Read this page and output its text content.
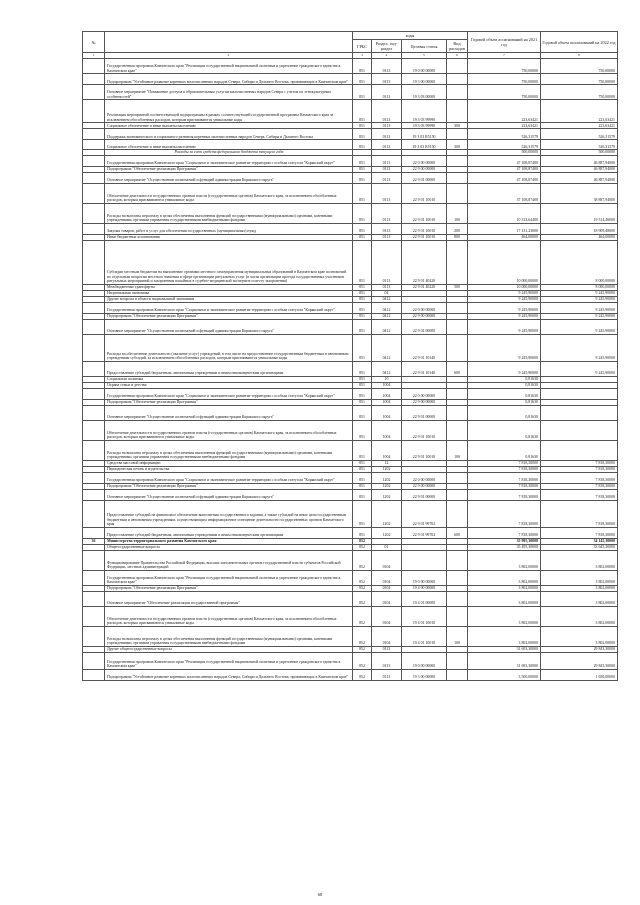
№		коды				Годовой объем ассигнований на 2021 год	Годовой объем ассигнований на 2022 год
		ГРБС	Раздел, под-раздел	Целевая статья	Вид расходов		
1	2	3	4	5	6	7	8
	Государственная программа Камчатского края "Реализация государственной национальной политики и укрепление гражданского единства в Камчатском крае"	851	0113	19 0 00 00000		750,00000	750,00000
	Подпрограмма "Устойчивое развитие коренных малочисленных народов Севера, Сибири и Дальнего Востока, проживающих в Камчатском крае"	851	0113	19 3 00 00000		750,00000	750,00000
	Основное мероприятие "Повышение доступа к образовательным услугам малочисленных народов Севера с учетом их этнокультурных особенностей"	851	0113	19 3 03 00000		750,00000	750,00000
	Реализация мероприятий соответствующей подпрограммы в рамках соответствующей государственной программы Камчатского края за исключением обособленных расходов, которым присваиваются уникальные коды	851	0113	19 3 03 99990		223,63421	223,63421
	Социальное обеспечение и иные выплаты населению	851	0113	19 3 03 99990	300	223,63421	223,63421
	Поддержка экономического и социального развития коренных малочисленных народов Севера, Сибири и Дальнего Востока	851	0113	19 3 03 R5150		526,31579	526,31579
	Социальное обеспечение и иные выплаты населению	851	0113	19 3 03 R5150	300	526,31579	526,31579
	Расходы за счет средств федерального бюджета текущего года					500,00000	500,00000
	Государственная программа Камчатского края "Социальное и экономическое развитие территории с особым статусом "Корякский округ"	851	0113	22 0 00 00000		47 108,87400	46 887,94000
	Подпрограмма "Обеспечение реализации Программы"	851	0113	22 9 00 00000		47 108,87400	46 887,94000
	Основное мероприятие "Осуществление полномочий и функций администрации Корякского округа"	851	0113	22 9 01 00000		47 108,87400	46 887,94000
	Обеспечение деятельности государственных органов власти (государственных органов) Камчатского края, за исключением обособленных расходов, которым присваиваются уникальные коды	851	0113	22 9 01 10010		37 108,87400	38 887,94000
	Расходы на выплаты персоналу в целях обеспечения выполнения функций государственными (муниципальными) органами, казенными учреждениями, органами управления государственными внебюджетными фондами	851	0113	22 9 01 10010	100	10 313,64400	19 514,46000
	Закупка товаров, работ и услуг для обеспечения государственных (муниципальных) нужд	851	0113	22 9 01 10010	200	17 131,23000	18 909,48000
	Иные бюджетные ассигнования	851	0113	22 9 01 10010	800	464,00000	464,00000
	Субсидии местным бюджетам на выполнение органами местного самоуправления муниципальных образований в Камчатском крае полномочий по отдельным вопросам местного значения в сфере организации ритуальных услуг (в части организации проезда государственных участников ритуальных мероприятий и захоронения покойных в судебно-медицинской экспертизе и месту захоронения)	851	0113	22 9 01 40220		10 000,00000	8 000,00000
	Межбюджетные трансферты	851	0113	22 9 01 40220	500	10 000,00000	8 000,00000
	Национальная экономика	851	04			9 245,90000	9 245,90000
	Другие вопросы в области национальной экономики	851	0412			9 245,90000	9 245,90000
	Государственная программа Камчатского края "Социальное и экономическое развитие территории с особым статусом "Корякский округ"	851	0412	22 0 00 00000		9 245,90000	9 245,90000
	Подпрограмма "Обеспечение реализации Программы"	851	0412	22 9 00 00000		9 245,90000	9 245,90000
	Основное мероприятие "Осуществление полномочий и функций администрации Корякского округа"	851	0412	22 9 01 00000		9 245,90000	9 245,90000
	Расходы на обеспечение деятельности (оказание услуг) учреждений, в том числе на предоставление государственным бюджетным и автономным учреждениям субсидий, за исключением обособленных расходов, которым присваиваются уникальные коды	851	0412	22 9 01 10140		9 245,90000	9 245,90000
	Предоставление субсидий бюджетным, автономным учреждениям и иным некоммерческим организациям	851	0412	22 9 01 10140	600	9 245,90000	9 245,90000
	Социальная политика	851	10			0,81630	
	Охрана семьи и детства	851	1004			0,81630	
	Государственная программа Камчатского края "Социальное и экономическое развитие территории с особым статусом "Корякский округ"	851	1004	22 0 00 00000		0,81630	
	Подпрограмма "Обеспечение реализации Программы"	851	1004	22 9 00 00000		0,81630	
	Основное мероприятие "Осуществление полномочий и функций администрации Корякского округа"	851	1004	22 9 01 00000		0,81630	
	Обеспечение деятельности государственных органов власти (государственных органов) Камчатского края, за исключением обособленных расходов, которым присваиваются уникальные коды	851	1004	22 9 01 10010		0,81630	
	Расходы на выплаты персоналу в целях обеспечения выполнения функций государственными (муниципальными) органами, казенными учреждениями, органами управления государственными внебюджетными фондами	851	1004	22 9 01 10010	100	0,81630	
	Средства массовой информации	851	12			7 818,30000	7 818,30000
	Периодическая печать и издательства	851	1202			7 818,30000	7 818,30000
	Государственная программа Камчатского края "Социальное и экономическое развитие территории с особым статусом "Корякский округ"	851	1202	22 0 00 00000		7 818,30000	7 818,30000
	Подпрограмма "Обеспечение реализации Программы"	851	1202	22 9 00 00000		7 818,30000	7 818,30000
	Основное мероприятие "Осуществление полномочий и функций администрации Корякского округа"	851	1202	22 9 01 00000		7 818,30000	7 818,30000
	Предоставление субсидий на финансовое обеспечение выполнения государственного задания, а также субсидий на иные цели государственным бюджетным и автономным учреждениям, осуществляющим информационное освещение деятельности государственных органов Камчатского края	851	1202	22 9 01 99702		7 818,30000	7 818,30000
	Предоставление субсидий бюджетным, автономным учреждениям и иным некоммерческим организациям	851	1202	22 9 01 99702	600	7 818,30000	7 818,30000
36	Министерство территориального развития Камчатского края	852				35 995,30000	34 145,30000
	Общегосударственные вопросы	852	01			35 495,30000	33 645,30000
	Функционирование Правительства Российской Федерации, высших исполнительных органов государственной власти субъектов Российской Федерации, местных администраций	852	0104			3 802,00000	3 802,00000
	Государственная программа Камчатского края "Реализация государственной национальной политики и укрепление гражданского единства в Камчатском крае"	852	0104	19 0 00 00000		3 802,00000	3 802,00000
	Подпрограмма "Обеспечение реализации Программы"	852	0104	19 4 00 00000		3 802,00000	3 802,00000
	Основное мероприятие "Обеспечение реализации государственной программы"	852	0104	19 4 01 00000		3 802,00000	3 802,00000
	Обеспечение деятельности государственных органов власти (государственных органов) Камчатского края, за исключением обособленных расходов, которым присваиваются уникальные коды	852	0104	19 4 01 10010		3 802,00000	3 802,00000
	Расходы на выплаты персоналу в целях обеспечения выполнения функций государственными (муниципальными) органами, казенными учреждениями, органами управления государственными внебюджетными фондами	852	0104	19 4 01 10010	100	3 802,00000	3 802,00000
	Другие общегосударственные вопросы	852	0113			31 693,30000	29 843,30000
	Государственная программа Камчатского края "Реализация государственной национальной политики и укрепление гражданского единства в Камчатском крае"	852	0113	19 0 00 00000		31 693,30000	29 843,30000
	Подпрограмма "Устойчивое развитие коренных малочисленных народов Севера, Сибири и Дальнего Востока, проживающих в Камчатском крае"	852	0113	19 3 00 00000		3 500,00000	1 650,00000
68
